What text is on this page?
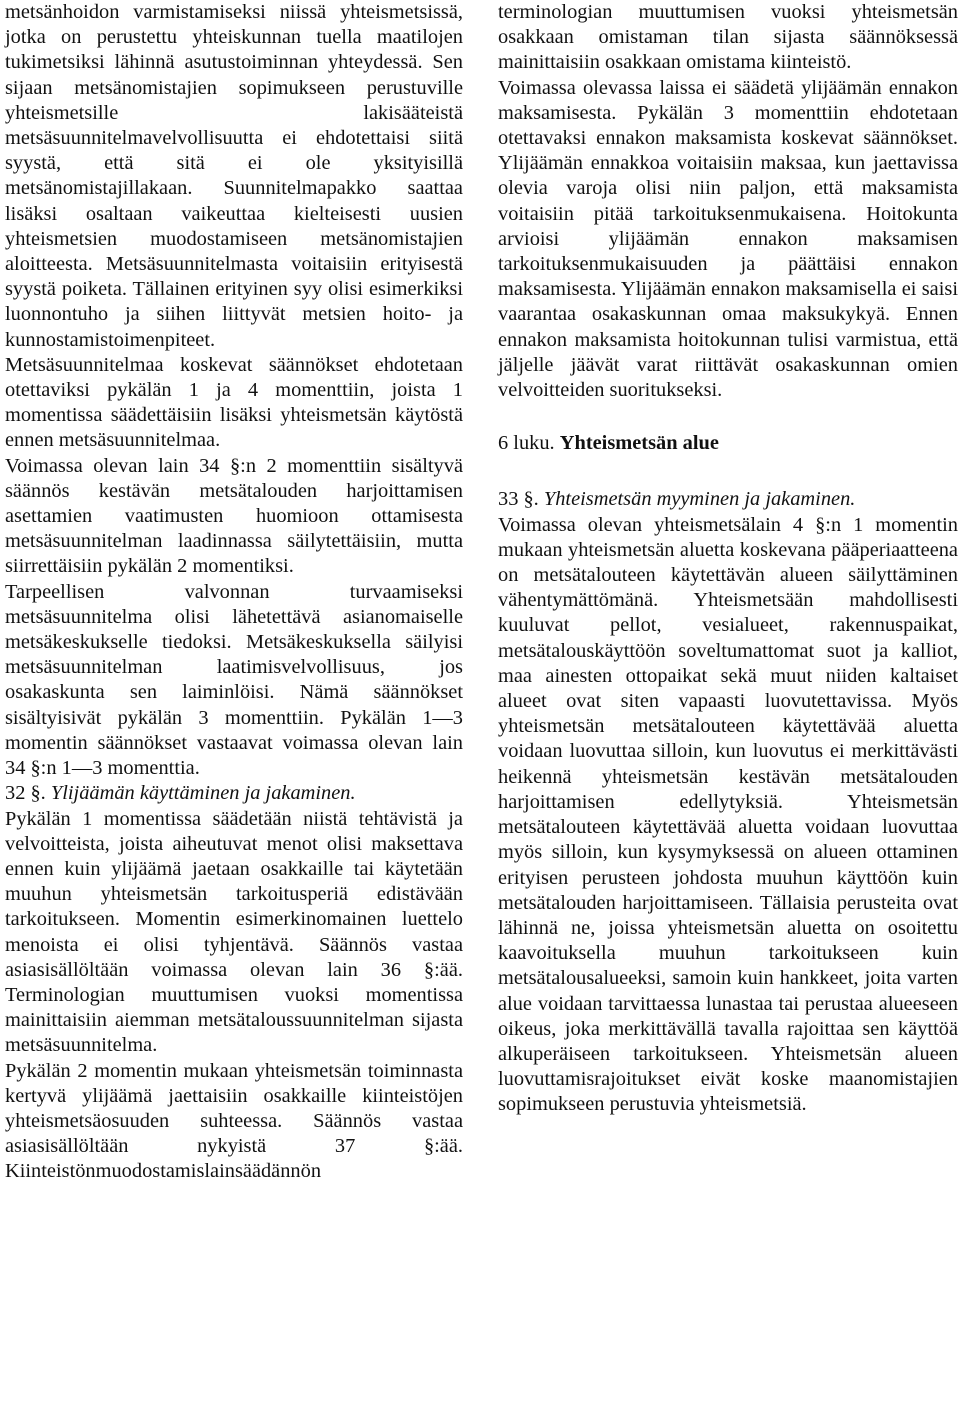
metsänhoidon varmistamiseksi niissä yhteismetsissä, jotka on perustettu yhteiskunnan tuella maatilojen tukimetsiksi lähinnä asutustoiminnan yhteydessä. Sen sijaan metsänomistajien sopimukseen perustuville yhteismetsille lakisääteistä metsäsuunnitelmavelvollisuutta ei ehdotettaisi siitä syystä, että sitä ei ole yksityisillä metsänomistajillakaan. Suunnitelmapakko saattaa lisäksi osaltaan vaikeuttaa kielteisesti uusien yhteismetsien muodostamiseen metsänomistajien aloitteesta. Metsäsuunnitelmasta voitaisiin erityisestä syystä poiketa. Tällainen erityinen syy olisi esimerkiksi luonnontuho ja siihen liittyvät metsien hoito- ja kunnostamistoimenpiteet.

Metsäsuunnitelmaa koskevat säännökset ehdotetaan otettaviksi pykälän 1 ja 4 momenttiin, joista 1 momentissa säädettäisiin lisäksi yhteismetsän käytöstä ennen metsäsuunnitelmaa.

Voimassa olevan lain 34 §:n 2 momenttiin sisältyvä säännös kestävän metsätalouden harjoittamisen asettamien vaatimusten huomioon ottamisesta metsäsuunnitelman laadinnassa säilytettäisiin, mutta siirrettäisiin pykälän 2 momentiksi.

Tarpeellisen valvonnan turvaamiseksi metsäsuunnitelma olisi lähetettävä asianomaiselle metsäkeskukselle tiedoksi. Metsäkeskuksella säilyisi metsäsuunnitelman laatimisvelvollisuus, jos osakaskunta sen laiminlöisi. Nämä säännökset sisältyisivät pykälän 3 momenttiin. Pykälän 1—3 momentin säännökset vastaavat voimassa olevan lain 34 §:n 1—3 momenttia.

32 §. Ylijäämän käyttäminen ja jakaminen.

Pykälän 1 momentissa säädetään niistä tehtävistä ja velvoitteista, joista aiheutuvat menot olisi maksettava ennen kuin ylijäämä jaetaan osakkaille tai käytetään muuhun yhteismetsän tarkoitusperiä edistävään tarkoitukseen. Momentin esimerkinomainen luettelo menoista ei olisi tyhjentävä. Säännös vastaa asiasisällöltään voimassa olevan lain 36 §:ää. Terminologian muuttumisen vuoksi momentissa mainittaisiin aiemman metsätaloussuunnitelman sijasta metsäsuunnitelma.

Pykälän 2 momentin mukaan yhteismetsän toiminnasta kertyvä ylijäämä jaettaisiin osakkaille kiinteistöjen yhteismetsäosuuden suhteessa. Säännös vastaa asiasisällöltään nykyistä 37 §:ää. Kiinteistönmuodostamislainsäädännön

terminologian muuttumisen vuoksi yhteismetsän osakkaan omistaman tilan sijasta säännöksessä mainittaisiin osakkaan omistama kiinteistö.

Voimassa olevassa laissa ei säädetä ylijäämän ennakon maksamisesta. Pykälän 3 momenttiin ehdotetaan otettavaksi ennakon maksamista koskevat säännökset. Ylijäämän ennakkoa voitaisiin maksaa, kun jaettavissa olevia varoja olisi niin paljon, että maksamista voitaisiin pitää tarkoituksenmukaisena. Hoitokunta arvioisi ylijäämän ennakon maksamisen tarkoituksenmukaisuuden ja päättäisi ennakon maksamisesta. Ylijäämän ennakon maksamisella ei saisi vaarantaa osakaskunnan omaa maksukykyä. Ennen ennakon maksamista hoitokunnan tulisi varmistua, että jäljelle jäävät varat riittävät osakaskunnan omien velvoitteiden suoritukseksi.

6 luku. Yhteismetsän alue

33 §. Yhteismetsän myyminen ja jakaminen.

Voimassa olevan yhteismetsälain 4 §:n 1 momentin mukaan yhteismetsän aluetta koskevana pääperiaatteena on metsätalouteen käytettävän alueen säilyttäminen vähentymättömänä. Yhteismetsään mahdollisesti kuuluvat pellot, vesialueet, rakennuspaikat, metsätalouskäyttöön soveltumattomat suot ja kalliot, maa ainesten ottopaikat sekä muut niiden kaltaiset alueet ovat siten vapaasti luovutettavissa. Myös yhteismetsän metsätalouteen käytettävää aluetta voidaan luovuttaa silloin, kun luovutus ei merkittävästi heikennä yhteismetsän kestävän metsätalouden harjoittamisen edellytyksiä. Yhteismetsän metsätalouteen käytettävää aluetta voidaan luovuttaa myös silloin, kun kysymyksessä on alueen ottaminen erityisen perusteen johdosta muuhun käyttöön kuin metsätalouden harjoittamiseen. Tällaisia perusteita ovat lähinnä ne, joissa yhteismetsän aluetta on osoitettu kaavoituksella muuhun tarkoitukseen kuin metsätalousalueeksi, samoin kuin hankkeet, joita varten alue voidaan tarvittaessa lunastaa tai perustaa alueeseen oikeus, joka merkittävällä tavalla rajoittaa sen käyttöä alkuperäiseen tarkoitukseen. Yhteismetsän alueen luovuttamisrajoitukset eivät koske maanomistajien sopimukseen perustuvia yhteismetsiä.
